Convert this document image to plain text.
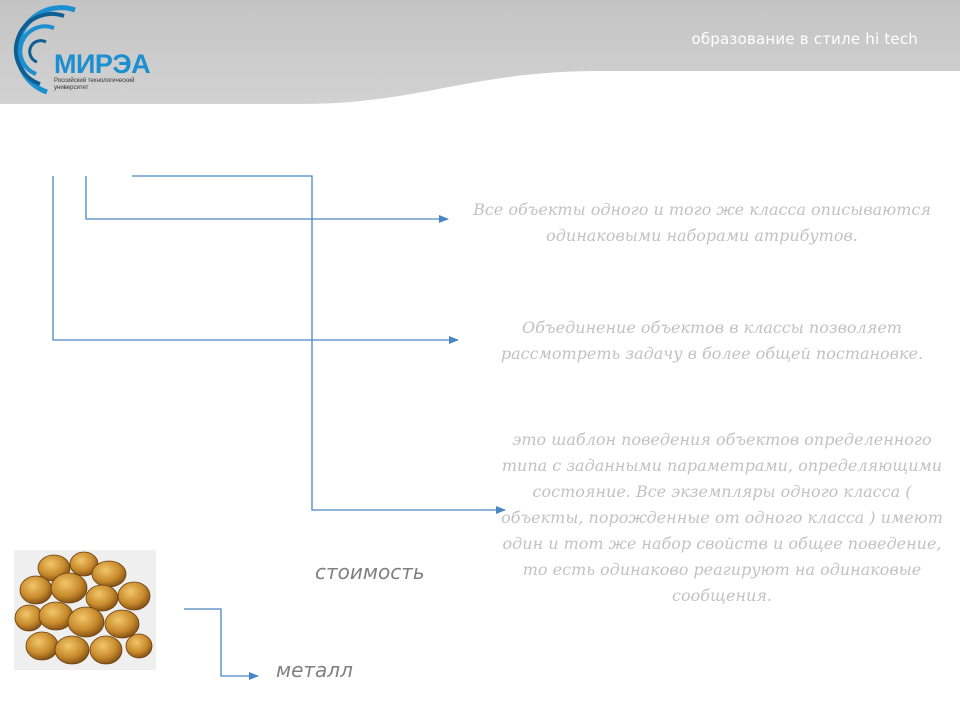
МИРЭА
Российский технологический университет
образование в стиле hi tech
Все объекты одного и того же класса описываются одинаковыми наборами атрибутов.
Объединение объектов в классы позволяет рассмотреть задачу в более общей постановке.
это шаблон поведения объектов определенного типа с заданными параметрами, определяющими состояние. Все экземпляры одного класса ( объекты, порожденные от одного класса ) имеют один и тот же набор свойств и общее поведение, то есть одинаково реагируют на одинаковые сообщения.
стоимость
металл
